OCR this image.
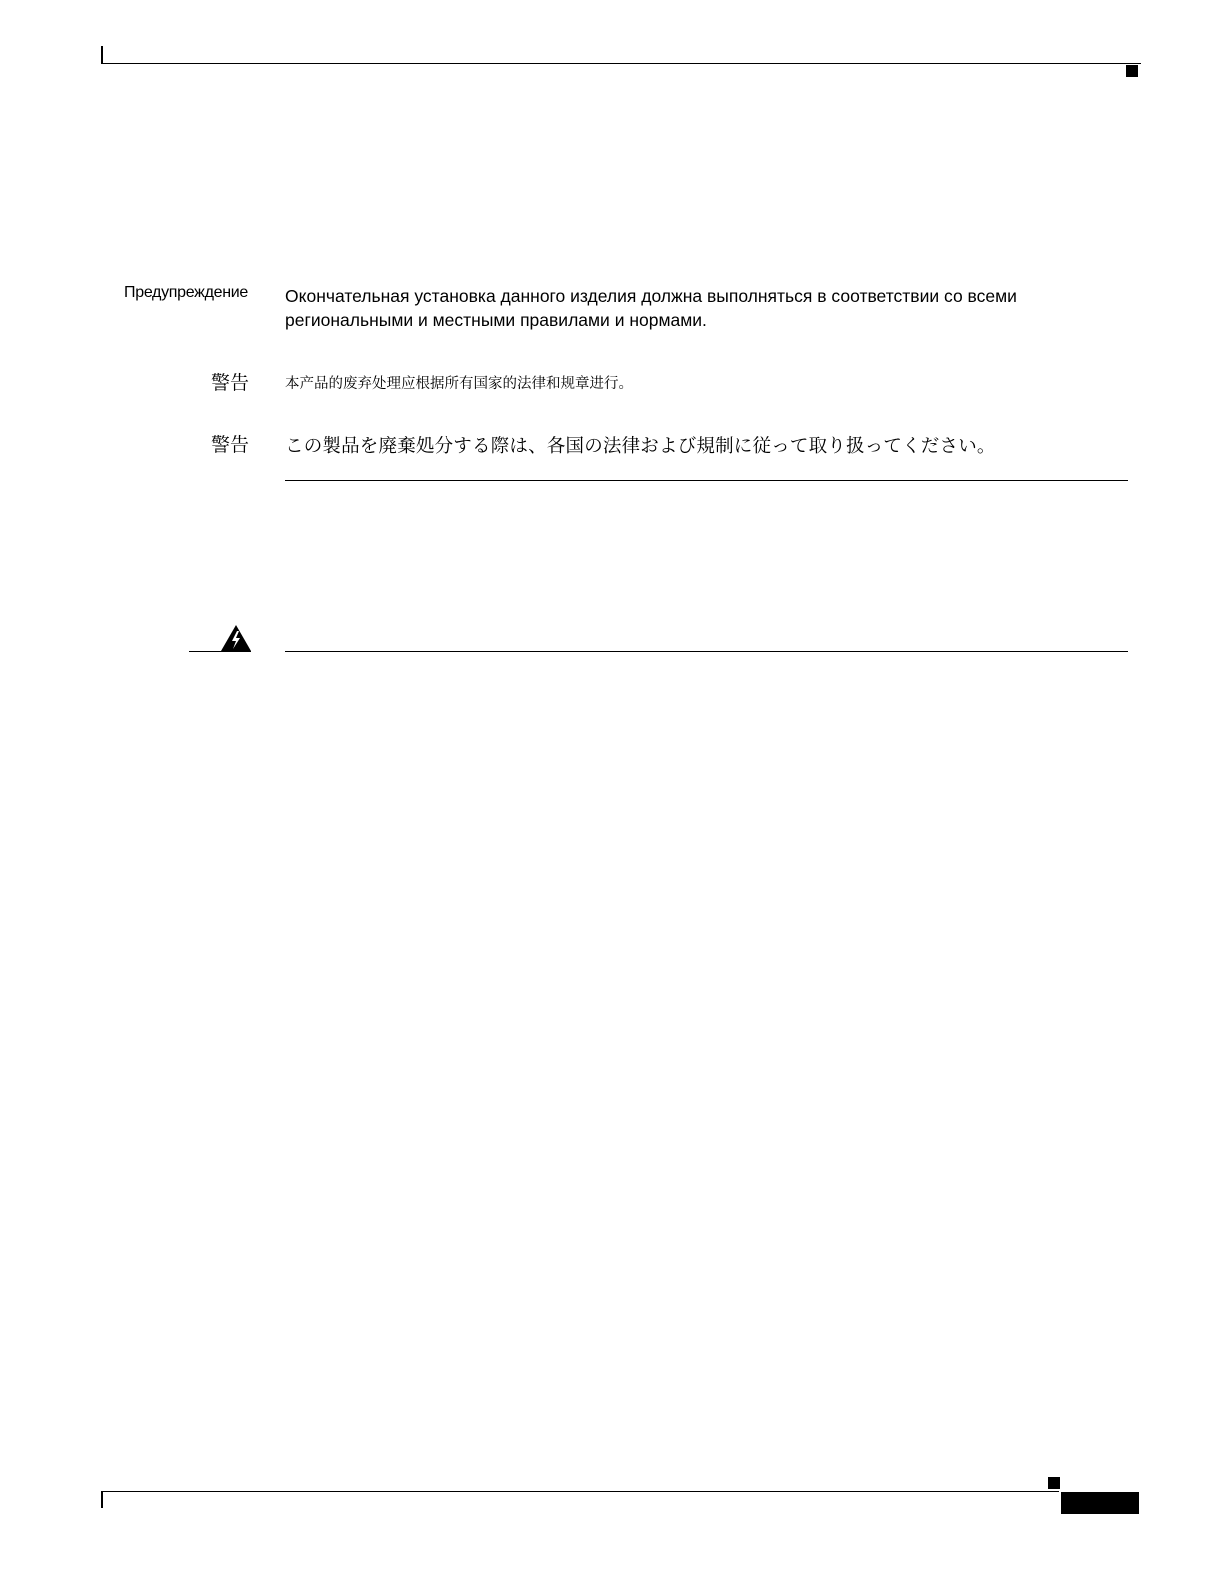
Предупреждение Окончательная установка данного изделия должна выполняться в соответствии со всеми
региональными и местными правилами и нормами.
警告 本产品的废弃处理应根据所有国家的法律和规章进行。
警告 この製品を廃棄処分する際は、各国の法律および規制に従って取り扱ってください。
